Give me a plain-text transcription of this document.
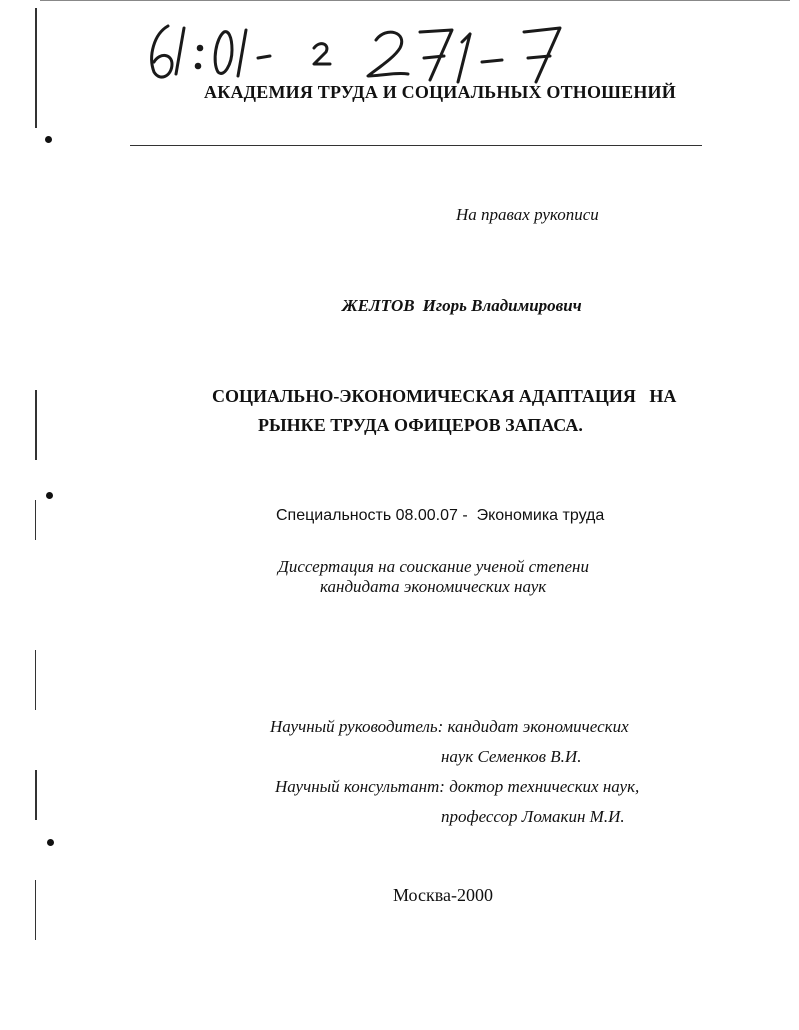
АКАДЕМИЯ ТРУДА И СОЦИАЛЬНЫХ ОТНОШЕНИЙ
На правах рукописи
ЖЕЛТОВ Игорь Владимирович
СОЦИАЛЬНО-ЭКОНОМИЧЕСКАЯ АДАПТАЦИЯ   НА
РЫНКЕ ТРУДА ОФИЦЕРОВ ЗАПАСА.
Специальность 08.00.07 -  Экономика труда
Диссертация на соискание ученой степени
кандидата экономических наук
Научный руководитель: кандидат экономических
наук Семенков В.И.
Научный консультант: доктор технических наук,
профессор Ломакин М.И.
Москва-2000
